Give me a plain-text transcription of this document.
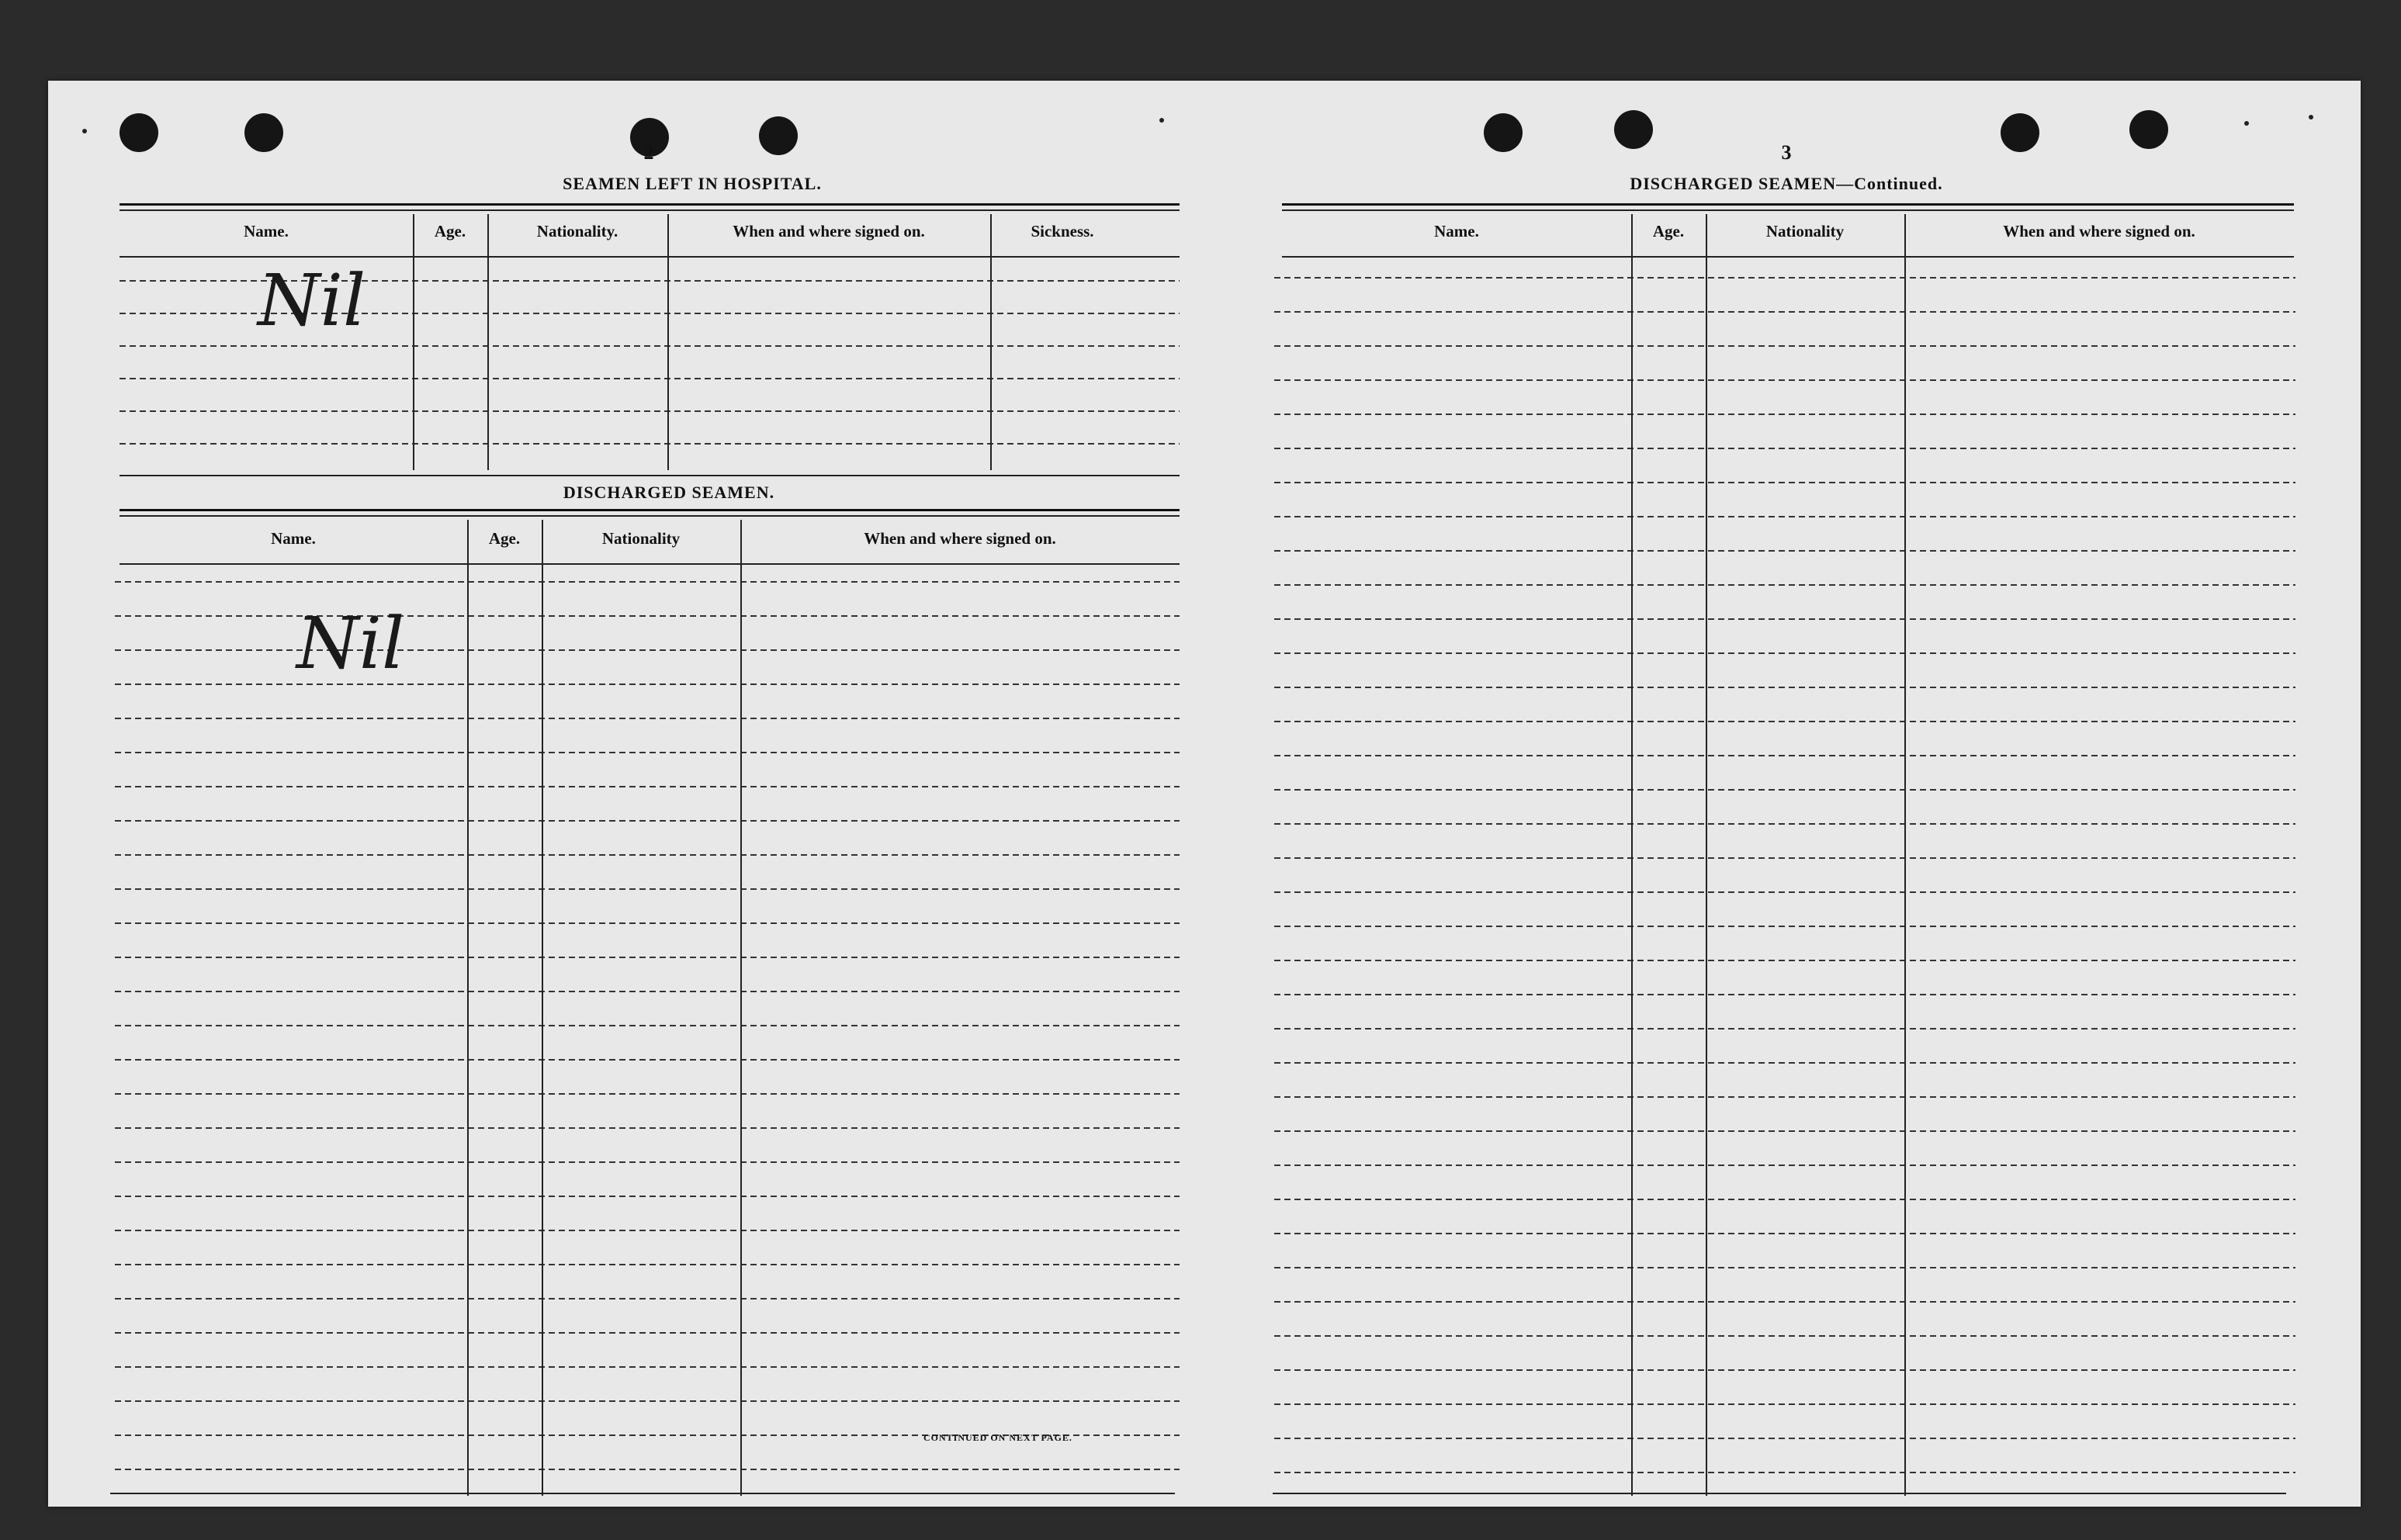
2
SEAMEN LEFT IN HOSPITAL.
Name.	Age.	Nationality.	When and where signed on.	Sickness.
Nil
DISCHARGED SEAMEN.
Name.	Age.	Nationality	When and where signed on.
Nil
CONTINUED ON NEXT PAGE.
3
DISCHARGED SEAMEN—Continued.
Name.	Age.	Nationality	When and where signed on.
